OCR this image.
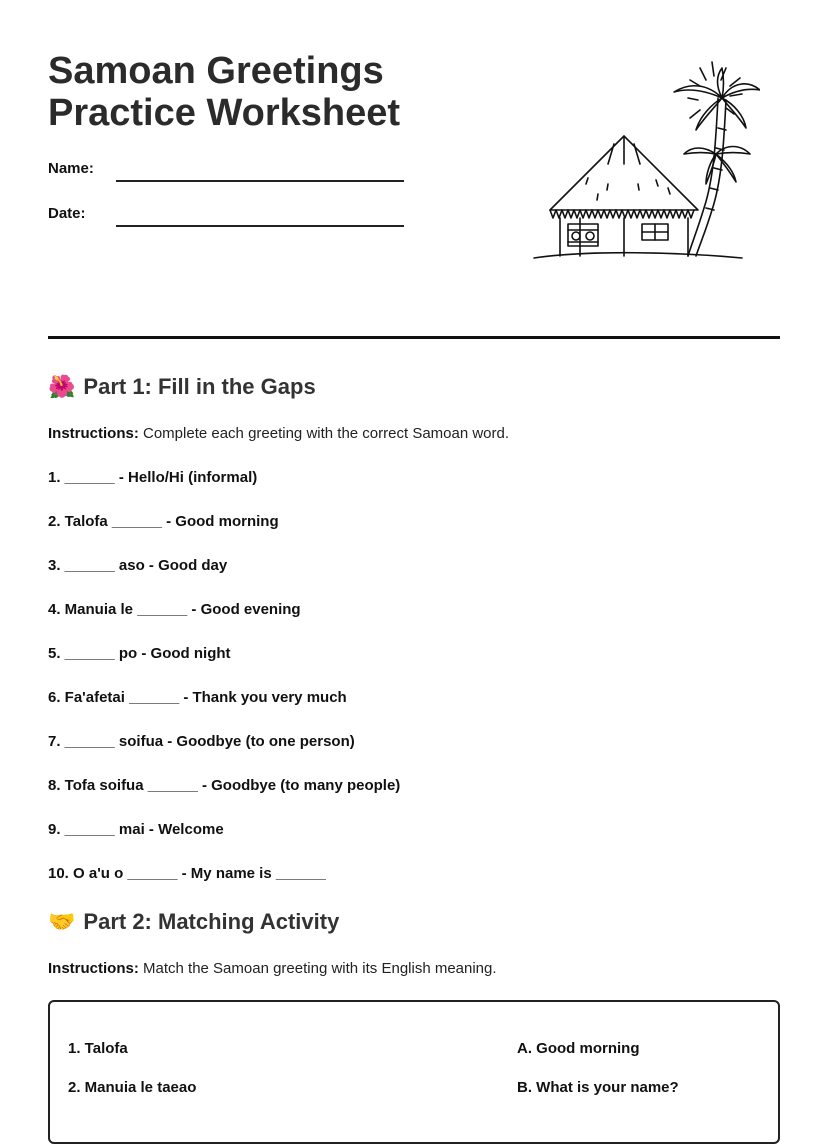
Samoan Greetings
Practice Worksheet
Name:
Date:
🌺 Part 1: Fill in the Gaps
Instructions: Complete each greeting with the correct Samoan word.
1. ______ - Hello/Hi (informal)
2. Talofa ______ - Good morning
3. ______ aso - Good day
4. Manuia le ______ - Good evening
5. ______ po - Good night
6. Fa'afetai ______ - Thank you very much
7. ______ soifua - Goodbye (to one person)
8. Tofa soifua ______ - Goodbye (to many people)
9. ______ mai - Welcome
10. O a'u o ______ - My name is ______
🤝 Part 2: Matching Activity
Instructions: Match the Samoan greeting with its English meaning.
1. Talofa	A. Good morning
2. Manuia le taeao	B. What is your name?
